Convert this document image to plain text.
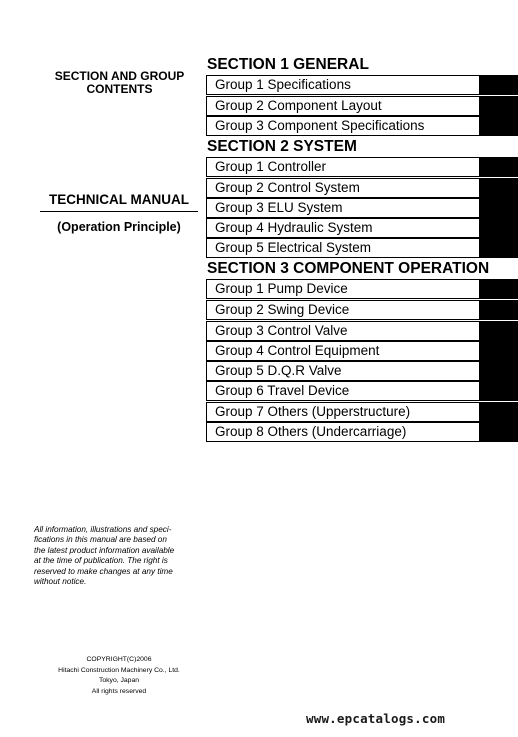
SECTION AND GROUP
CONTENTS
TECHNICAL MANUAL
(Operation Principle)
SECTION 1 GENERAL
Group 1 Specifications
Group 2 Component Layout
Group 3 Component Specifications
SECTION 2 SYSTEM
Group 1 Controller
Group 2 Control System
Group 3 ELU System
Group 4 Hydraulic System
Group 5 Electrical System
SECTION 3 COMPONENT OPERATION
Group 1 Pump Device
Group 2 Swing Device
Group 3 Control Valve
Group 4 Control Equipment
Group 5 D.Q.R Valve
Group 6 Travel Device
Group 7 Others (Upperstructure)
Group 8 Others (Undercarriage)
All information, illustrations and speci-
fications in this manual are based on
the latest product information available
at the time of publication. The right is
reserved to make changes at any time
without notice.
COPYRIGHT(C)2006
Hitachi Construction Machinery Co., Ltd.
Tokyo, Japan
All rights reserved
www.epcatalogs.com
